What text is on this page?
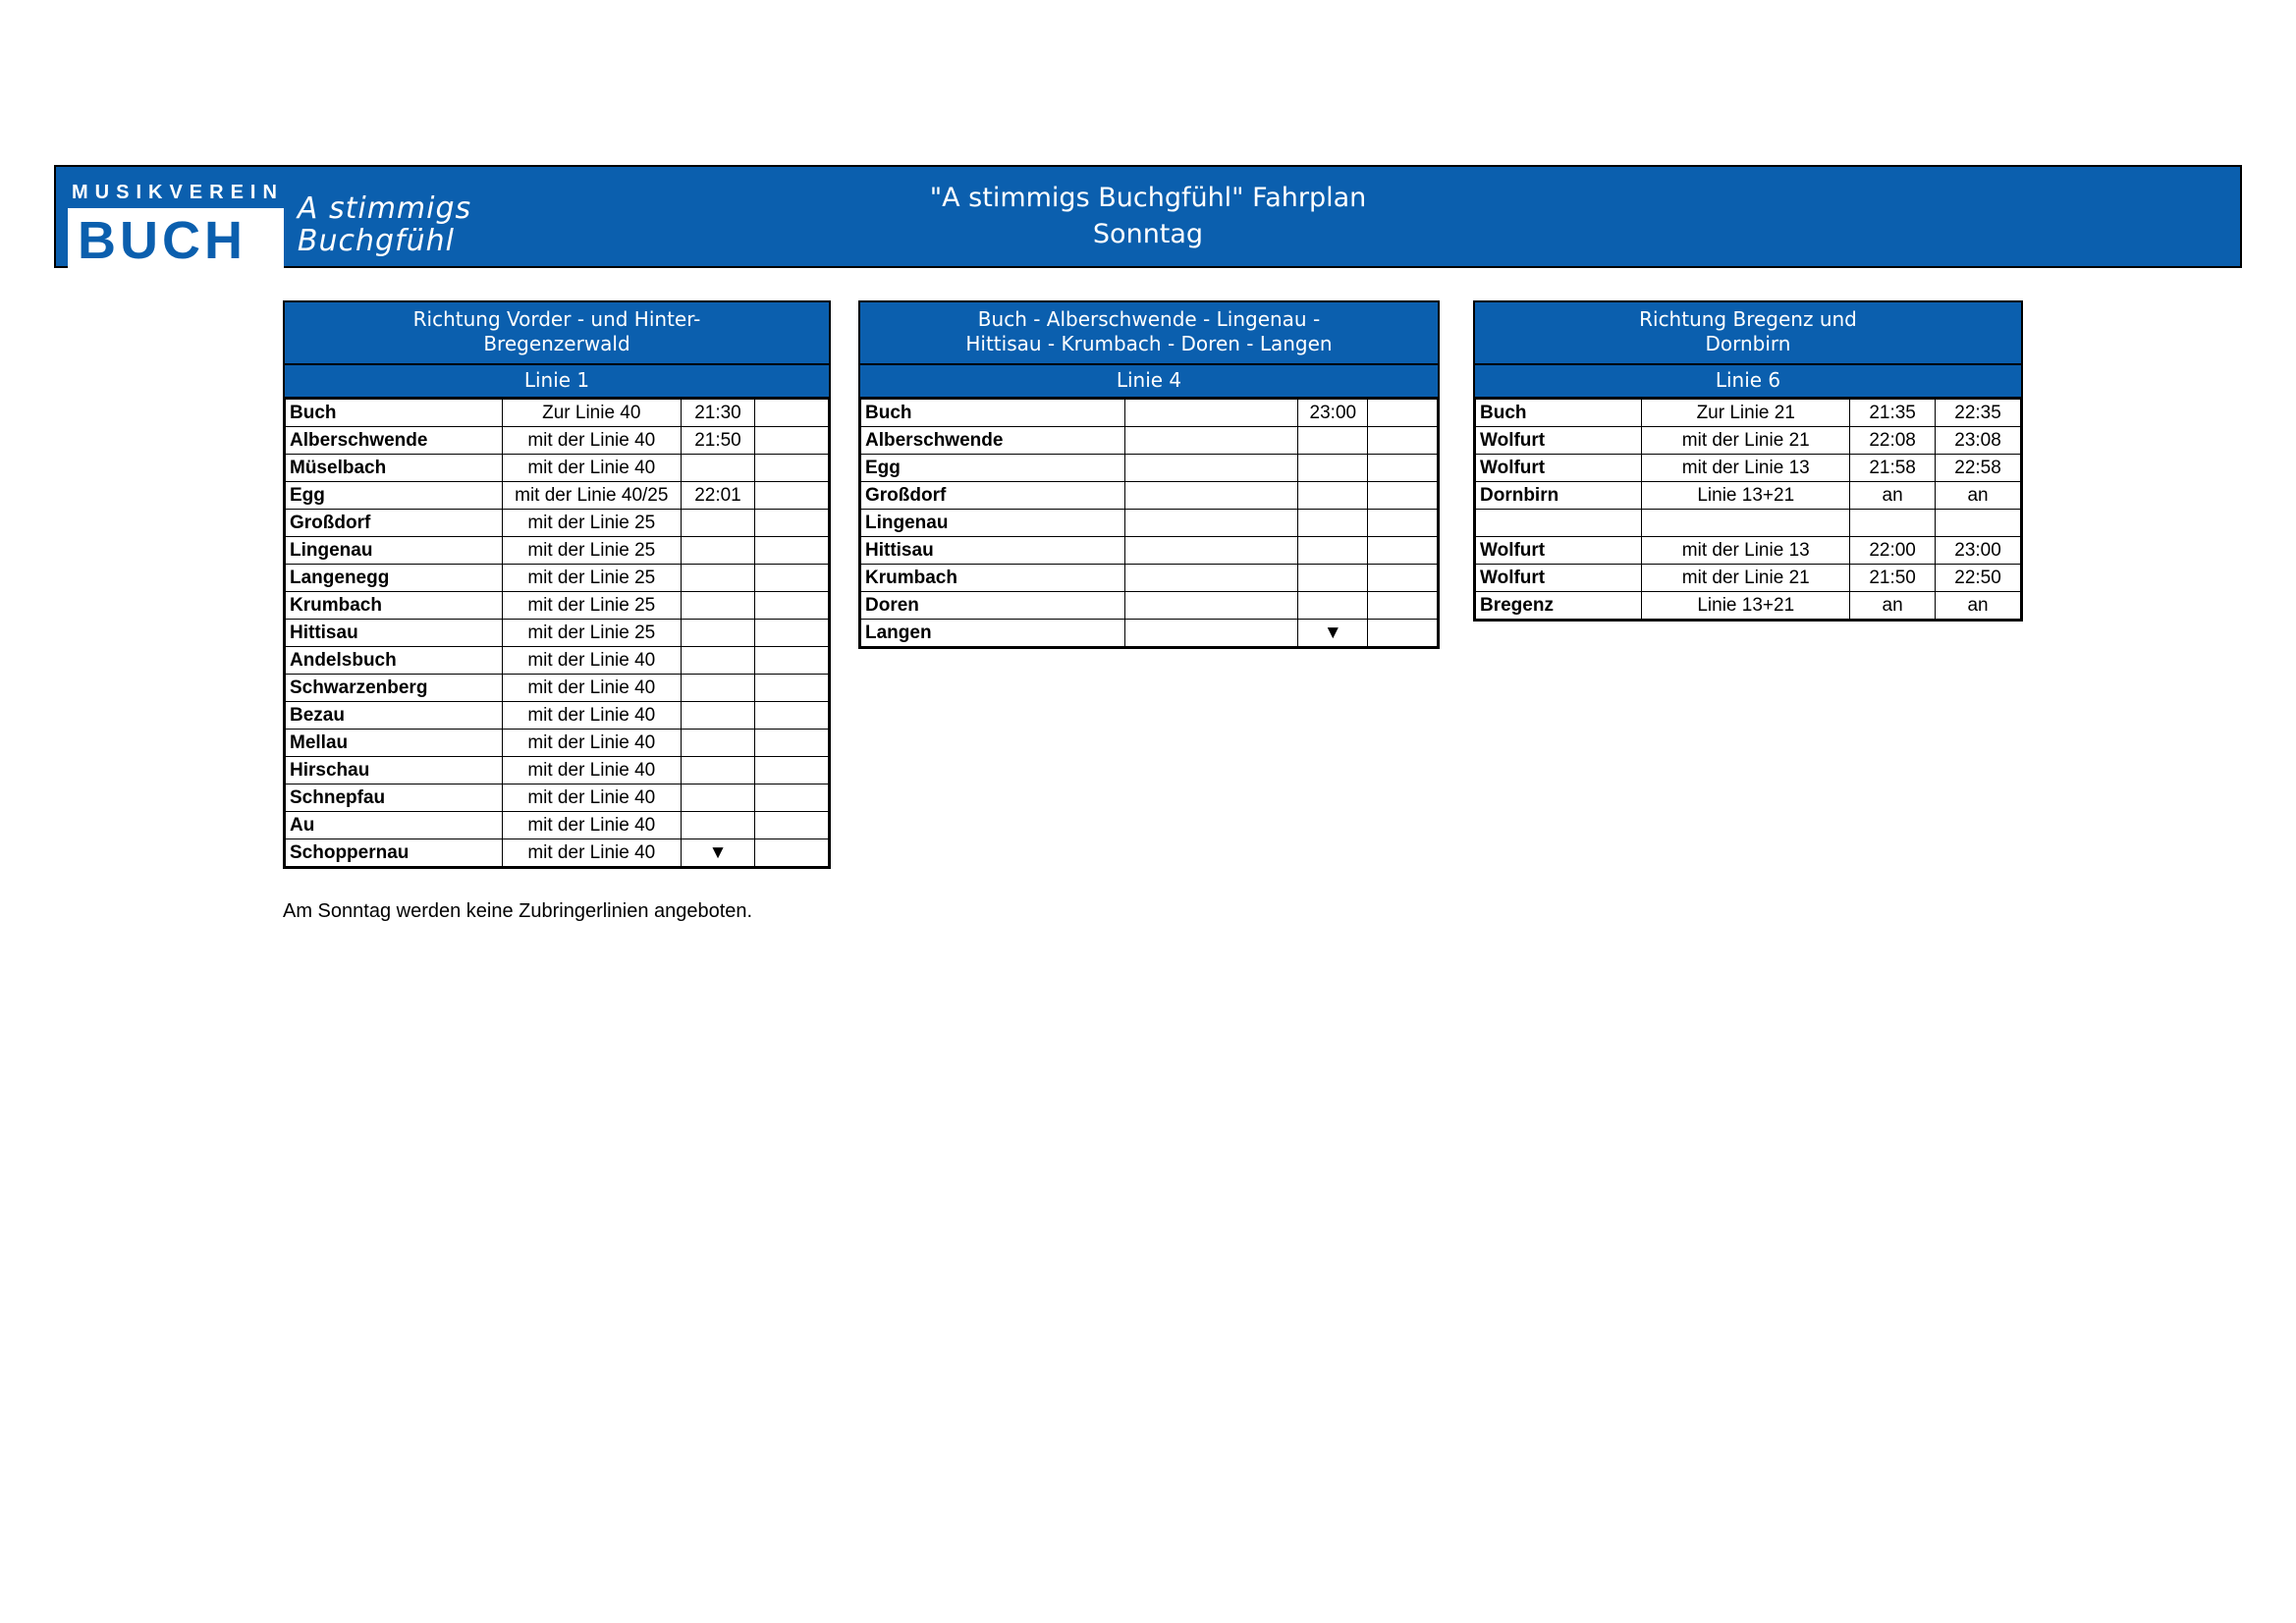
MUSIKVEREIN
BUCH
A stimmigs
Buchgfühl
"A stimmigs Buchgfühl" Fahrplan
Sonntag
Richtung Vorder - und Hinter-
Bregenzerwald
Linie 1
Buch	Zur Linie 40	21:30	
Alberschwende	mit der Linie 40	21:50	
Müselbach	mit der Linie 40		
Egg	mit der Linie 40/25	22:01	
Großdorf	mit der Linie 25		
Lingenau	mit der Linie 25		
Langenegg	mit der Linie 25		
Krumbach	mit der Linie 25		
Hittisau	mit der Linie 25		
Andelsbuch	mit der Linie 40		
Schwarzenberg	mit der Linie 40		
Bezau	mit der Linie 40		
Mellau	mit der Linie 40		
Hirschau	mit der Linie 40		
Schnepfau	mit der Linie 40		
Au	mit der Linie 40		
Schoppernau	mit der Linie 40	▼	
Buch - Alberschwende - Lingenau -
Hittisau - Krumbach - Doren - Langen
Linie 4
Buch		23:00	
Alberschwende			
Egg			
Großdorf			
Lingenau			
Hittisau			
Krumbach			
Doren			
Langen		▼	
Richtung Bregenz und
Dornbirn
Linie 6
Buch	Zur Linie 21	21:35	22:35
Wolfurt	mit der Linie 21	22:08	23:08
Wolfurt	mit der Linie 13	21:58	22:58
Dornbirn	Linie 13+21	an	an

Wolfurt	mit der Linie 13	22:00	23:00
Wolfurt	mit der Linie 21	21:50	22:50
Bregenz	Linie 13+21	an	an
Am Sonntag werden keine Zubringerlinien angeboten.
